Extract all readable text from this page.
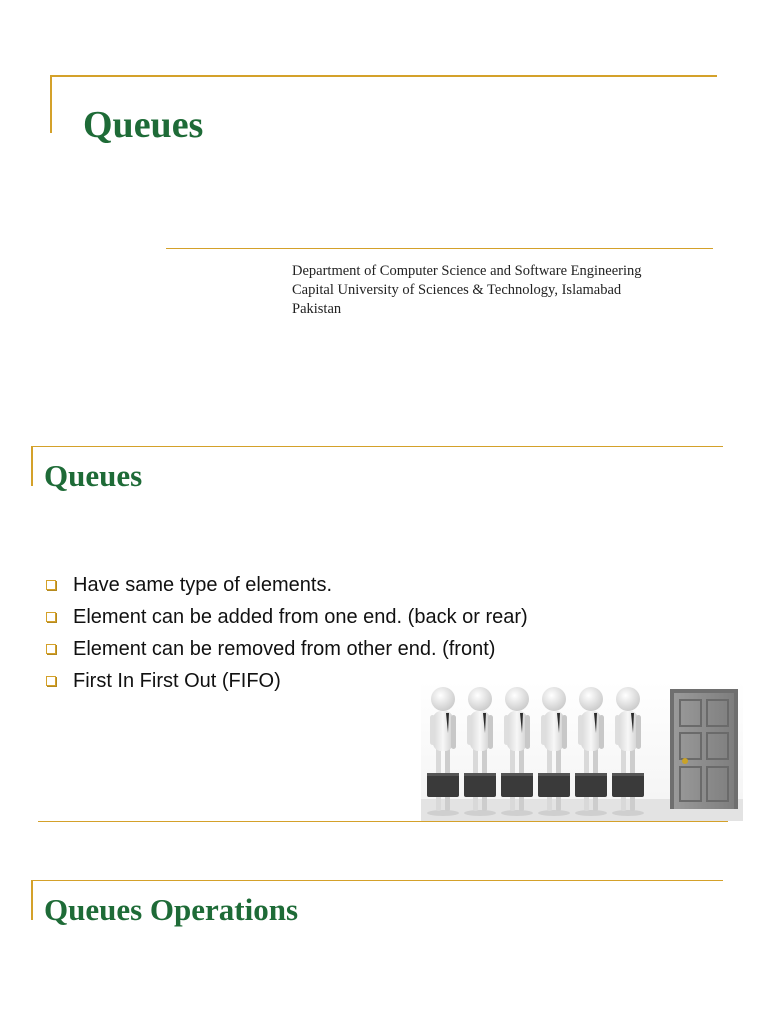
Queues
Department of Computer Science and Software Engineering
Capital University of Sciences & Technology, Islamabad
Pakistan
Queues
Have same type of elements.
Element can be added from one end. (back or rear)
Element can be removed from other end. (front)
First In First Out (FIFO)
Queues Operations
